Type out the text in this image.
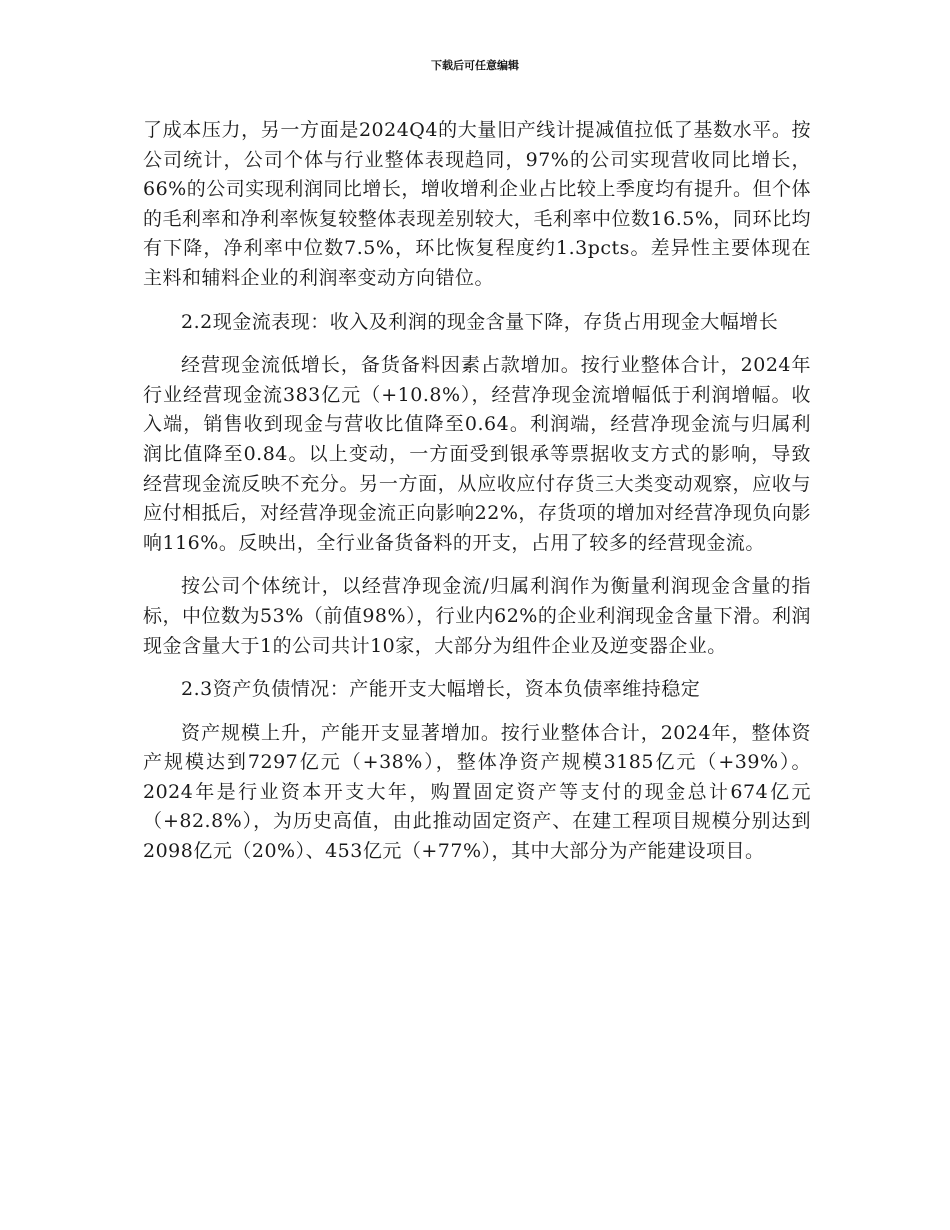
下载后可任意编辑

了成本压力，另一方面是2024Q4的大量旧产线计提减值拉低了基数水平。按公司统计，公司个体与行业整体表现趋同，97%的公司实现营收同比增长，66%的公司实现利润同比增长，增收增利企业占比较上季度均有提升。但个体的毛利率和净利率恢复较整体表现差别较大，毛利率中位数16.5%，同环比均有下降，净利率中位数7.5%，环比恢复程度约1.3pcts。差异性主要体现在主料和辅料企业的利润率变动方向错位。

2.2现金流表现：收入及利润的现金含量下降，存货占用现金大幅增长

经营现金流低增长，备货备料因素占款增加。按行业整体合计，2024年行业经营现金流383亿元（+10.8%），经营净现金流增幅低于利润增幅。收入端，销售收到现金与营收比值降至0.64。利润端，经营净现金流与归属利润比值降至0.84。以上变动，一方面受到银承等票据收支方式的影响，导致经营现金流反映不充分。另一方面，从应收应付存货三大类变动观察，应收与应付相抵后，对经营净现金流正向影响22%，存货项的增加对经营净现负向影响116%。反映出，全行业备货备料的开支，占用了较多的经营现金流。

按公司个体统计，以经营净现金流/归属利润作为衡量利润现金含量的指标，中位数为53%（前值98%），行业内62%的企业利润现金含量下滑。利润现金含量大于1的公司共计10家，大部分为组件企业及逆变器企业。

2.3资产负债情况：产能开支大幅增长，资本负债率维持稳定

资产规模上升，产能开支显著增加。按行业整体合计，2024年，整体资产规模达到7297亿元（+38%），整体净资产规模3185亿元（+39%）。2024年是行业资本开支大年，购置固定资产等支付的现金总计674亿元（+82.8%），为历史高值，由此推动固定资产、在建工程项目规模分别达到2098亿元（20%）、453亿元（+77%），其中大部分为产能建设项目。
